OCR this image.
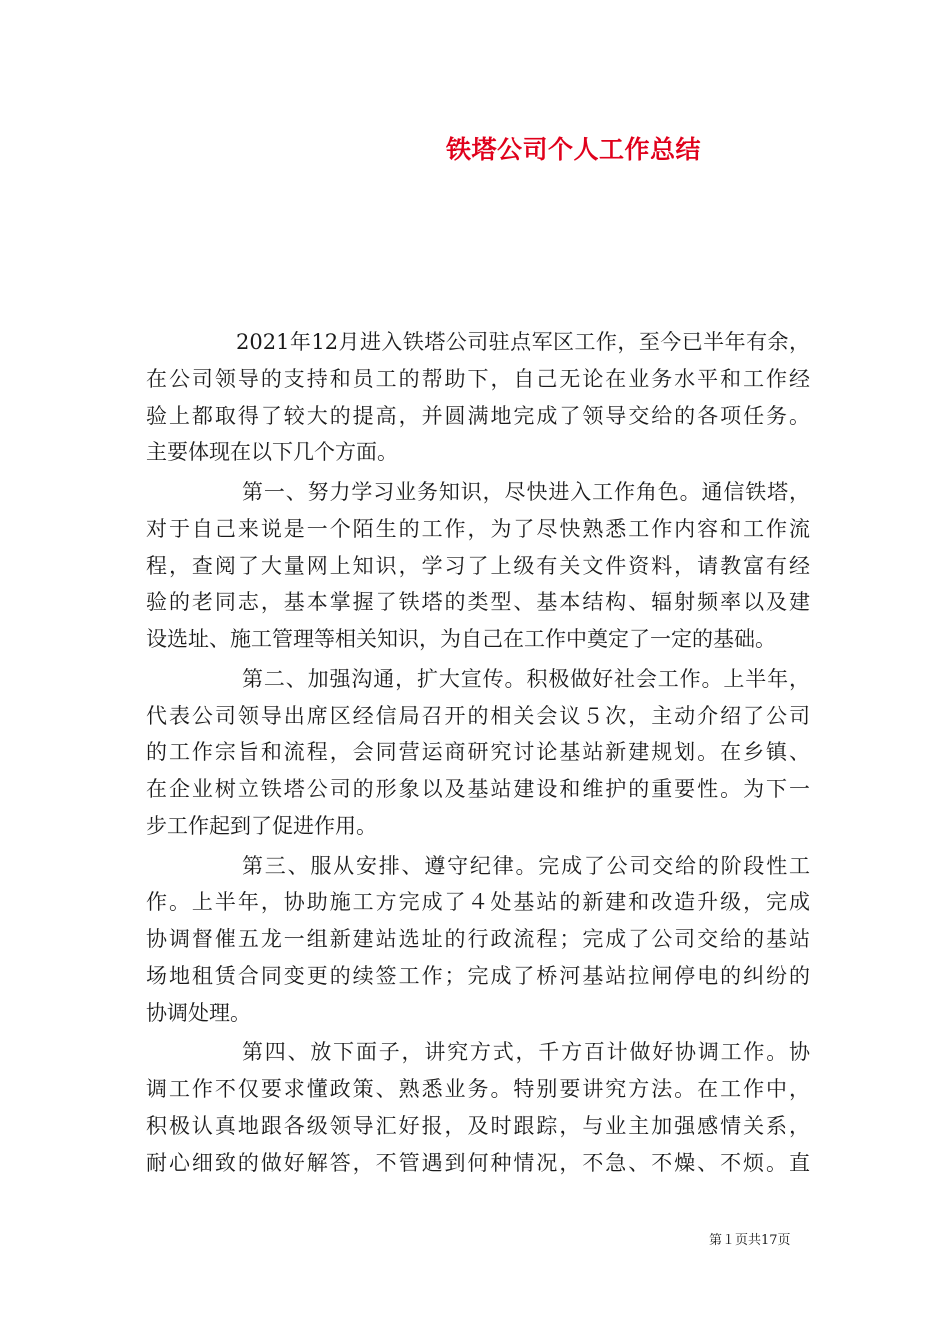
铁塔公司个人工作总结
2021年12月进入铁塔公司驻点军区工作，至今已半年有余，
在公司领导的支持和员工的帮助下，自己无论在业务水平和工作经
验上都取得了较大的提高，并圆满地完成了领导交给的各项任务。
主要体现在以下几个方面。
第一、努力学习业务知识，尽快进入工作角色。通信铁塔，
对于自己来说是一个陌生的工作，为了尽快熟悉工作内容和工作流
程，查阅了大量网上知识，学习了上级有关文件资料，请教富有经
验的老同志，基本掌握了铁塔的类型、基本结构、辐射频率以及建
设选址、施工管理等相关知识，为自己在工作中奠定了一定的基础。
第二、加强沟通，扩大宣传。积极做好社会工作。上半年，
代表公司领导出席区经信局召开的相关会议５次，主动介绍了公司
的工作宗旨和流程，会同营运商研究讨论基站新建规划。在乡镇、
在企业树立铁塔公司的形象以及基站建设和维护的重要性。为下一
步工作起到了促进作用。
第三、服从安排、遵守纪律。完成了公司交给的阶段性工
作。上半年，协助施工方完成了４处基站的新建和改造升级，完成
协调督催五龙一组新建站选址的行政流程；完成了公司交给的基站
场地租赁合同变更的续签工作；完成了桥河基站拉闸停电的纠纷的
协调处理。
第四、放下面子，讲究方式，千方百计做好协调工作。协
调工作不仅要求懂政策、熟悉业务。特别要讲究方法。在工作中，
积极认真地跟各级领导汇好报，及时跟踪，与业主加强感情关系，
耐心细致的做好解答，不管遇到何种情况，不急、不燥、不烦。直
第１页共17页
